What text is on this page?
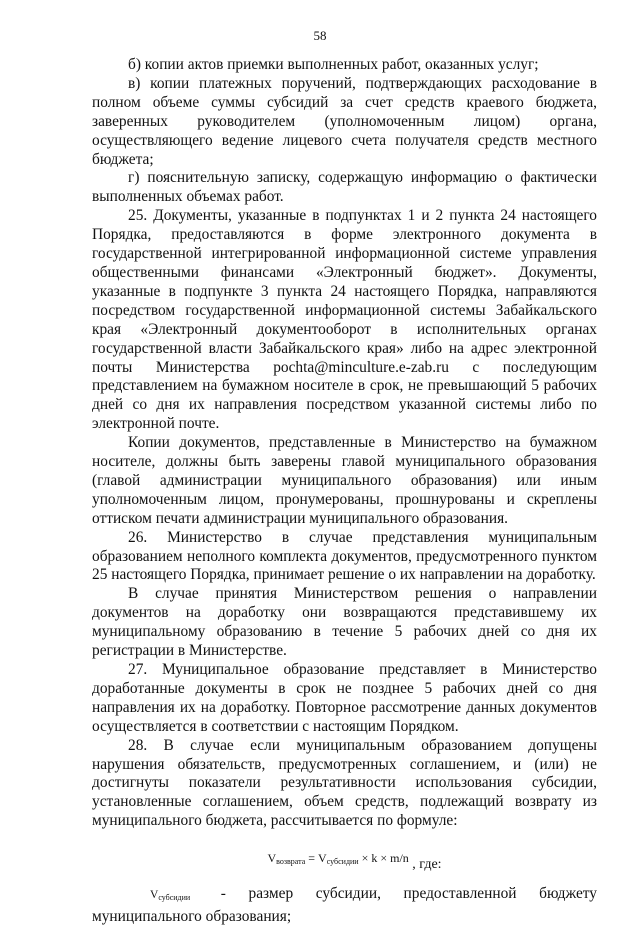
58

б) копии актов приемки выполненных работ, оказанных услуг;

в) копии платежных поручений, подтверждающих расходование в полном объеме суммы субсидий за счет средств краевого бюджета, заверенных руководителем (уполномоченным лицом) органа, осуществляющего ведение лицевого счета получателя средств местного бюджета;

г) пояснительную записку, содержащую информацию о фактически выполненных объемах работ.

25. Документы, указанные в подпунктах 1 и 2 пункта 24 настоящего Порядка, предоставляются в форме электронного документа в государственной интегрированной информационной системе управления общественными финансами «Электронный бюджет». Документы, указанные в подпункте 3 пункта 24 настоящего Порядка, направляются посредством государственной информационной системы Забайкальского края «Электронный документооборот в исполнительных органах государственной власти Забайкальского края» либо на адрес электронной почты Министерства pochta@minculture.e-zab.ru с последующим представлением на бумажном носителе в срок, не превышающий 5 рабочих дней со дня их направления посредством указанной системы либо по электронной почте.

Копии документов, представленные в Министерство на бумажном носителе, должны быть заверены главой муниципального образования (главой администрации муниципального образования) или иным уполномоченным лицом, пронумерованы, прошнурованы и скреплены оттиском печати администрации муниципального образования.

26. Министерство в случае представления муниципальным образованием неполного комплекта документов, предусмотренного пунктом 25 настоящего Порядка, принимает решение о их направлении на доработку.

В случае принятия Министерством решения о направлении документов на доработку они возвращаются представившему их муниципальному образованию в течение 5 рабочих дней со дня их регистрации в Министерстве.

27. Муниципальное образование представляет в Министерство доработанные документы в срок не позднее 5 рабочих дней со дня направления их на доработку. Повторное рассмотрение данных документов осуществляется в соответствии с настоящим Порядком.

28. В случае если муниципальным образованием допущены нарушения обязательств, предусмотренных соглашением, и (или) не достигнуты показатели результативности использования субсидии, установленные соглашением, объем средств, подлежащий возврату из муниципального бюджета, рассчитывается по формуле:

$V_{возврата} = V_{субсидии} \times k \times m/n$ , где:

$V_{субсидии}$ - размер субсидии, предоставленной бюджету муниципального образования;
